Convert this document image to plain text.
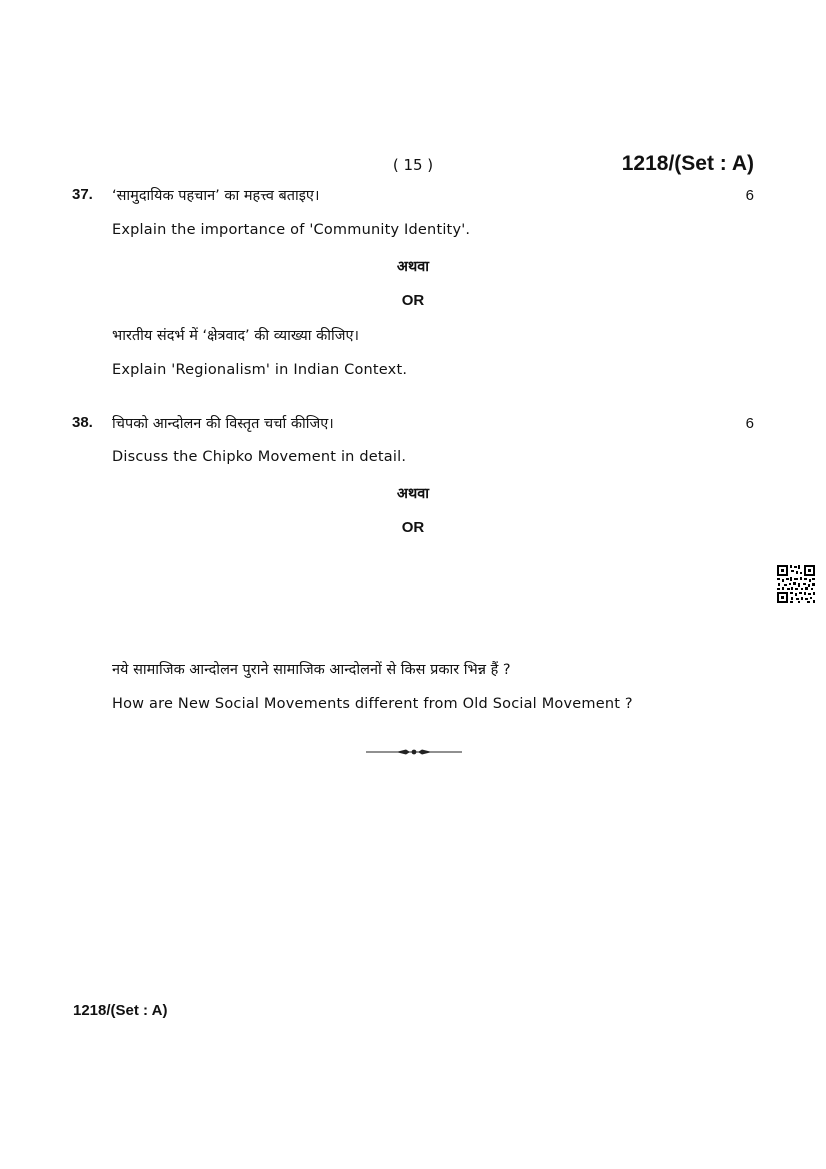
( 15 )	1218/(Set : A)
37. ‘सामुदायिक पहचान’ का महत्त्व बताइए।	6
Explain the importance of 'Community Identity'.
अथवा
OR
भारतीय संदर्भ में ‘क्षेत्रवाद’ की व्याख्या कीजिए।
Explain 'Regionalism' in Indian Context.
38. चिपको आन्दोलन की विस्तृत चर्चा कीजिए।	6
Discuss the Chipko Movement in detail.
अथवा
OR
नये सामाजिक आन्दोलन पुराने सामाजिक आन्दोलनों से किस प्रकार भिन्न हैं ?
How are New Social Movements different from Old Social Movement ?
1218/(Set : A)
